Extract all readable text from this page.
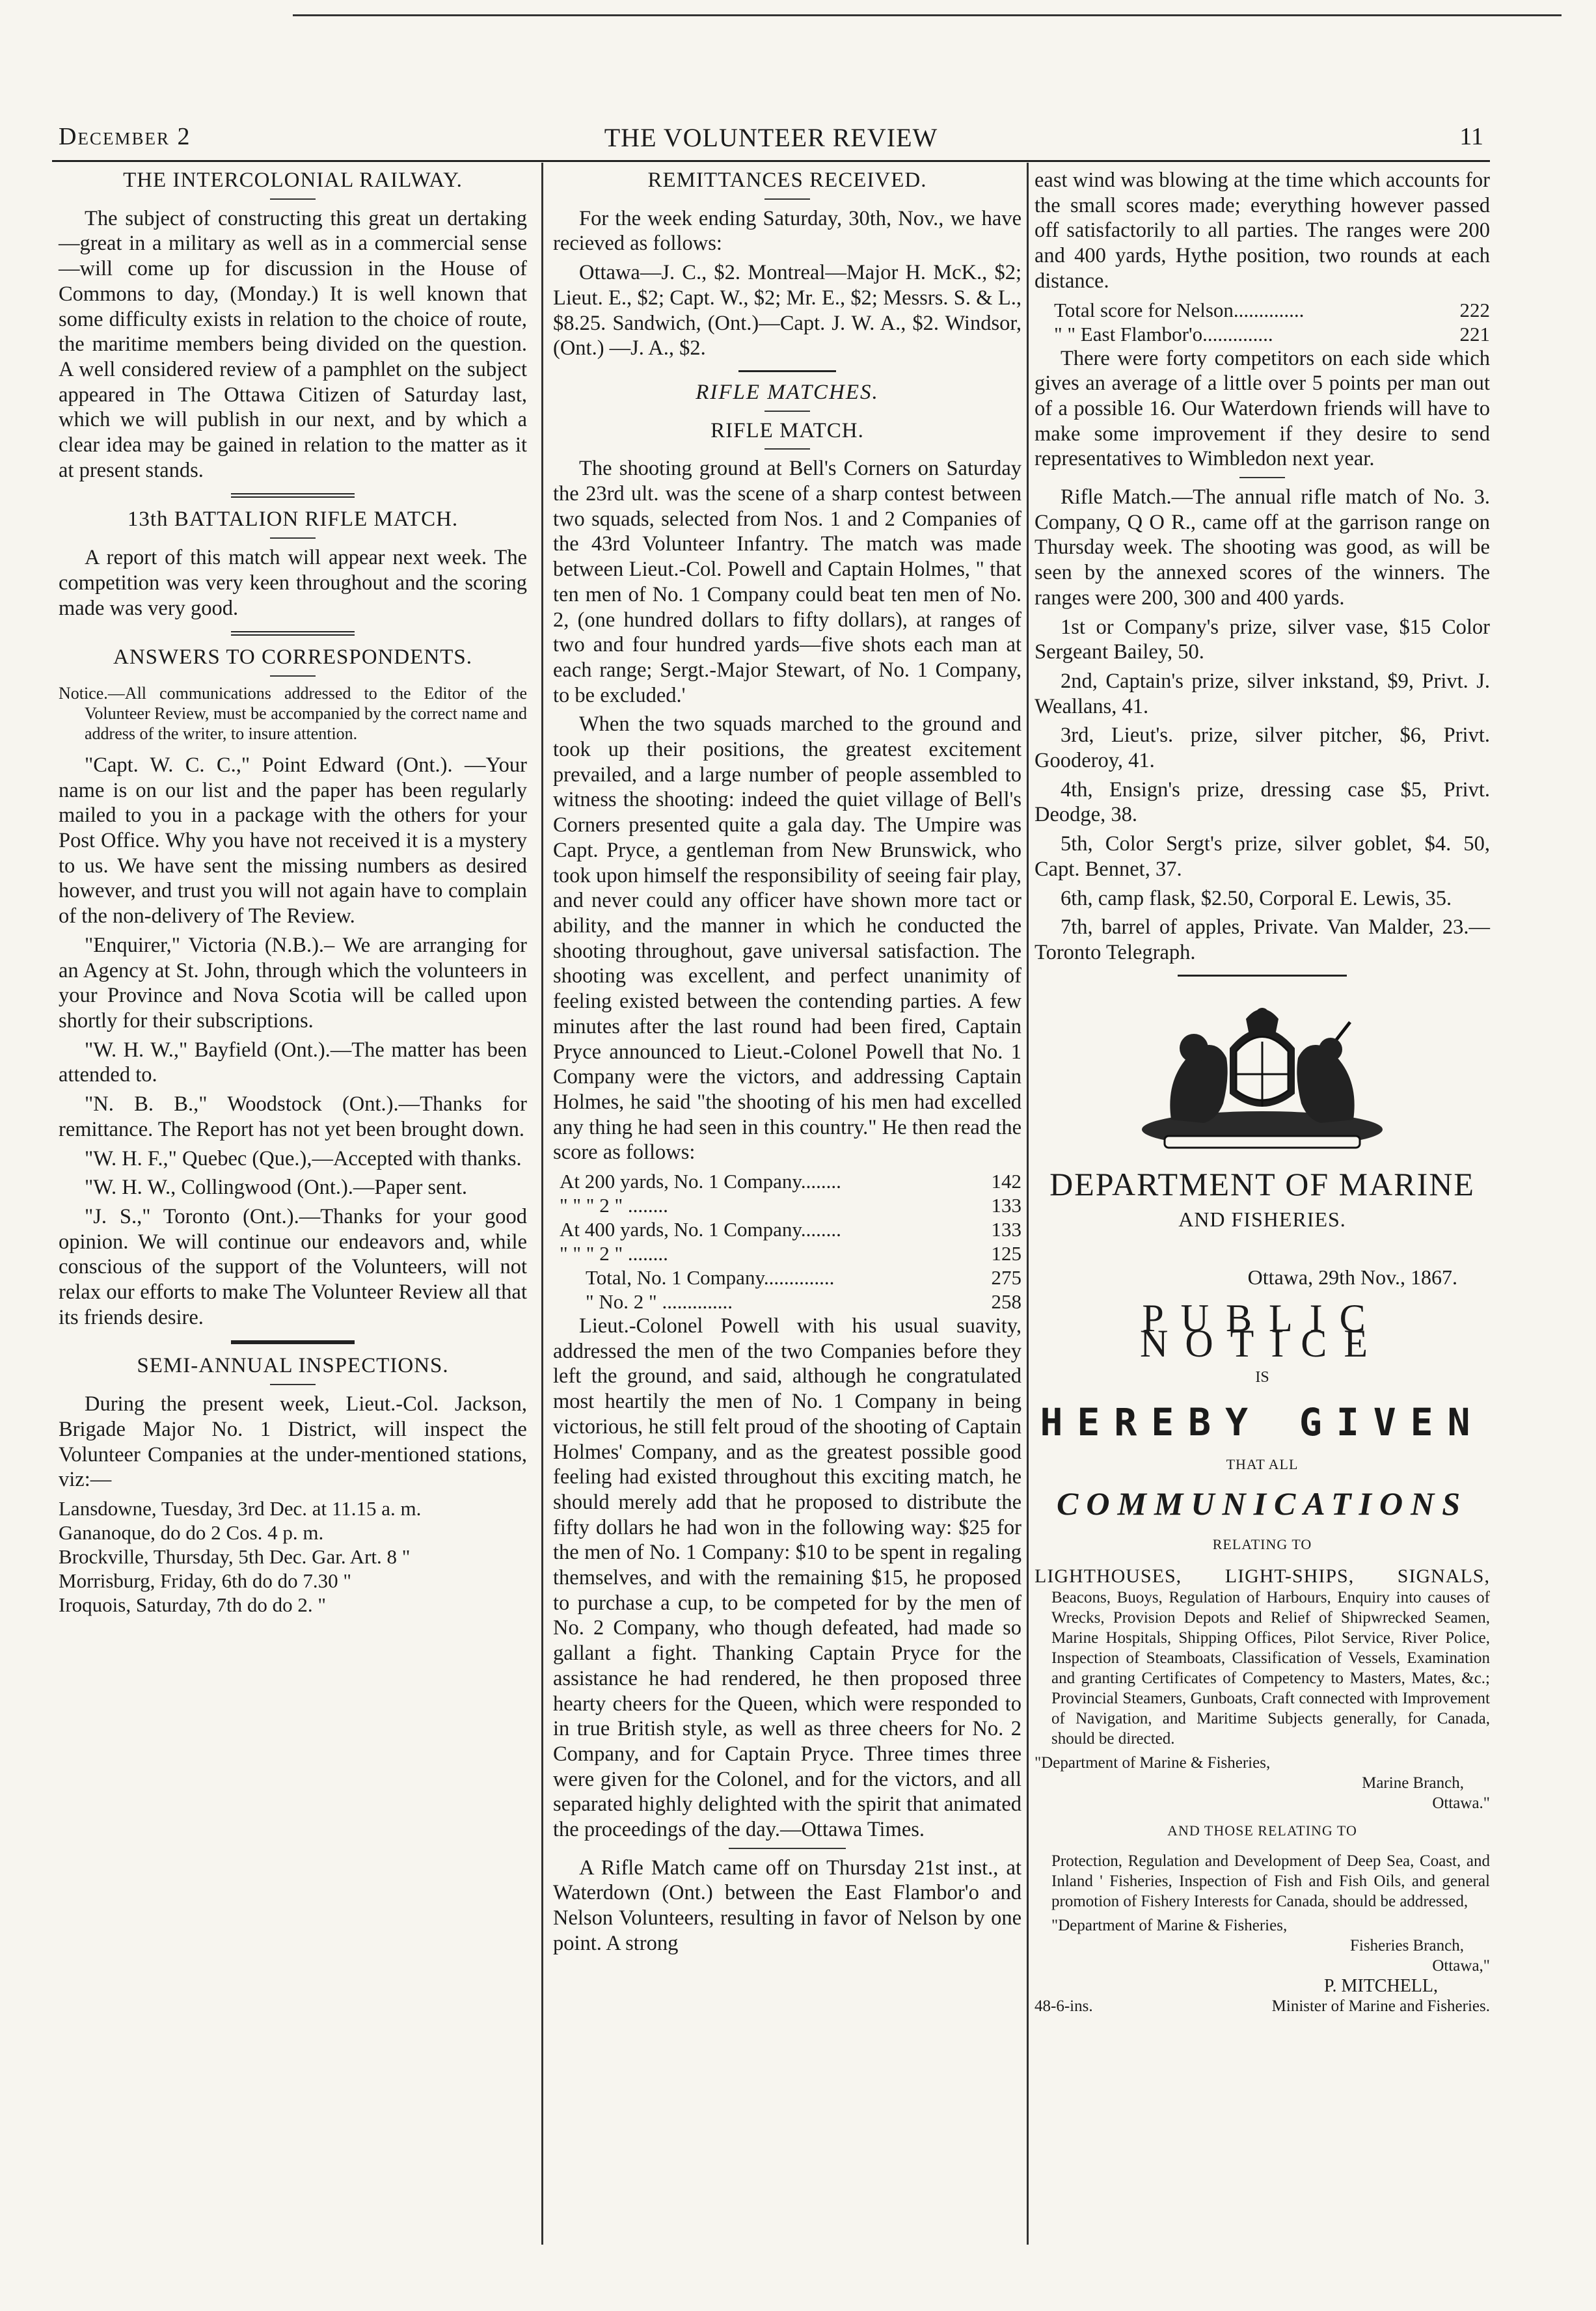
December 2	THE VOLUNTEER REVIEW	11
THE INTERCOLONIAL RAILWAY.

The subject of constructing this great un dertaking—great in a military as well as in a commercial sense—will come up for discussion in the House of Commons to day, (Monday.) It is well known that some difficulty exists in relation to the choice of route, the maritime members being divided on the question. A well considered review of a pamphlet on the subject appeared in The Ottawa Citizen of Saturday last, which we will publish in our next, and by which a clear idea may be gained in relation to the matter as it at present stands.

13th BATTALION RIFLE MATCH.

A report of this match will appear next week. The competition was very keen throughout and the scoring made was very good.

ANSWERS TO CORRESPONDENTS.

Notice.—All communications addressed to the Editor of the Volunteer Review, must be accompanied by the correct name and address of the writer, to insure attention.

"Capt. W. C. C.," Point Edward (Ont.). —Your name is on our list and the paper has been regularly mailed to you in a package with the others for your Post Office. Why you have not received it is a mystery to us. We have sent the missing numbers as desired however, and trust you will not again have to complain of the non-delivery of The Review.

"Enquirer," Victoria (N.B.).– We are arranging for an Agency at St. John, through which the volunteers in your Province and Nova Scotia will be called upon shortly for their subscriptions.

"W. H. W.," Bayfield (Ont.).—The matter has been attended to.

"N. B. B.," Woodstock (Ont.).—Thanks for remittance. The Report has not yet been brought down.

"W. H. F.," Quebec (Que.),—Accepted with thanks.

"W. H. W., Collingwood (Ont.).—Paper sent.

"J. S.," Toronto (Ont.).—Thanks for your good opinion. We will continue our endeavors and, while conscious of the support of the Volunteers, will not relax our efforts to make The Volunteer Review all that its friends desire.

SEMI-ANNUAL INSPECTIONS.

During the present week, Lieut.-Col. Jackson, Brigade Major No. 1 District, will inspect the Volunteer Companies at the under-mentioned stations, viz:—

Lansdowne, Tuesday, 3rd Dec. at 11.15 a. m.
Gananoque, do do 2 Cos. 4 p. m.
Brockville, Thursday, 5th Dec. Gar. Art. 8 "
Morrisburg, Friday, 6th do do 7.30 "
Iroquois, Saturday, 7th do do 2. "
REMITTANCES RECEIVED.

For the week ending Saturday, 30th, Nov., we have recieved as follows:

Ottawa—J. C., $2. Montreal—Major H. McK., $2; Lieut. E., $2; Capt. W., $2; Mr. E., $2; Messrs. S. & L., $8.25. Sandwich, (Ont.)—Capt. J. W. A., $2. Windsor, (Ont.) —J. A., $2.

RIFLE MATCHES.
RIFLE MATCH.

The shooting ground at Bell's Corners on Saturday the 23rd ult. was the scene of a sharp contest between two squads, selected from Nos. 1 and 2 Companies of the 43rd Volunteer Infantry. The match was made between Lieut.-Col. Powell and Captain Holmes, " that ten men of No. 1 Company could beat ten men of No. 2, (one hundred dollars to fifty dollars), at ranges of two and four hundred yards—five shots each man at each range; Sergt.-Major Stewart, of No. 1 Company, to be excluded.'

When the two squads marched to the ground and took up their positions, the greatest excitement prevailed, and a large number of people assembled to witness the shooting: indeed the quiet village of Bell's Corners presented quite a gala day. The Umpire was Capt. Pryce, a gentleman from New Brunswick, who took upon himself the responsibility of seeing fair play, and never could any officer have shown more tact or ability, and the manner in which he conducted the shooting throughout, gave universal satisfaction. The shooting was excellent, and perfect unanimity of feeling existed between the contending parties. A few minutes after the last round had been fired, Captain Pryce announced to Lieut.-Colonel Powell that No. 1 Company were the victors, and addressing Captain Holmes, he said "the shooting of his men had excelled any thing he had seen in this country." He then read the score as follows:

At 200 yards, No. 1 Company........	142
" " " 2 " ........	133
At 400 yards, No. 1 Company........	133
" " " 2 " ........	125
Total, No. 1 Company..............	275
" No. 2 " ..............	258

Lieut.-Colonel Powell with his usual suavity, addressed the men of the two Companies before they left the ground, and said, although he congratulated most heartily the men of No. 1 Company in being victorious, he still felt proud of the shooting of Captain Holmes' Company, and as the greatest possible good feeling had existed throughout this exciting match, he should merely add that he proposed to distribute the fifty dollars he had won in the following way: $25 for the men of No. 1 Company: $10 to be spent in regaling themselves, and with the remaining $15, he proposed to purchase a cup, to be competed for by the men of No. 2 Company, who though defeated, had made so gallant a fight. Thanking Captain Pryce for the assistance he had rendered, he then proposed three hearty cheers for the Queen, which were responded to in true British style, as well as three cheers for No. 2 Company, and for Captain Pryce. Three times three were given for the Colonel, and for the victors, and all separated highly delighted with the spirit that animated the proceedings of the day.—Ottawa Times.

A Rifle Match came off on Thursday 21st inst., at Waterdown (Ont.) between the East Flambor'o and Nelson Volunteers, resulting in favor of Nelson by one point. A strong

east wind was blowing at the time which accounts for the small scores made; everything however passed off satisfactorily to all parties. The ranges were 200 and 400 yards, Hythe position, two rounds at each distance.

Total score for Nelson..............	222
" " East Flambor'o..............	221

There were forty competitors on each side which gives an average of a little over 5 points per man out of a possible 16. Our Waterdown friends will have to make some improvement if they desire to send representatives to Wimbledon next year.

Rifle Match.—The annual rifle match of No. 3. Company, Q O R., came off at the garrison range on Thursday week. The shooting was good, as will be seen by the annexed scores of the winners. The ranges were 200, 300 and 400 yards.

1st or Company's prize, silver vase, $15 Color Sergeant Bailey, 50.

2nd, Captain's prize, silver inkstand, $9, Privt. J. Weallans, 41.

3rd, Lieut's. prize, silver pitcher, $6, Privt. Gooderoy, 41.

4th, Ensign's prize, dressing case $5, Privt. Deodge, 38.

5th, Color Sergt's prize, silver goblet, $4. 50, Capt. Bennet, 37.

6th, camp flask, $2.50, Corporal E. Lewis, 35.

7th, barrel of apples, Private. Van Malder, 23.—Toronto Telegraph.

DEPARTMENT OF MARINE
AND FISHERIES.
Ottawa, 29th Nov., 1867.
PUBLIC NOTICE
IS
HEREBY GIVEN
THAT ALL
COMMUNICATIONS
RELATING TO
LIGHTHOUSES, LIGHT-SHIPS, SIGNALS,

Beacons, Buoys, Regulation of Harbours, Enquiry into causes of Wrecks, Provision Depots and Relief of Shipwrecked Seamen, Marine Hospitals, Shipping Offices, Pilot Service, River Police, Inspection of Steamboats, Classification of Vessels, Examination and granting Certificates of Competency to Masters, Mates, &c.; Provincial Steamers, Gunboats, Craft connected with Improvement of Navigation, and Maritime Subjects generally, for Canada, should be directed.

"Department of Marine & Fisheries,
Marine Branch,
Ottawa."
AND THOSE RELATING TO

Protection, Regulation and Development of Deep Sea, Coast, and Inland ' Fisheries, Inspection of Fish and Fish Oils, and general promotion of Fishery Interests for Canada, should be addressed,

"Department of Marine & Fisheries,
Fisheries Branch,
Ottawa,"
P. MITCHELL,
48-6-ins.	Minister of Marine and Fisheries.
